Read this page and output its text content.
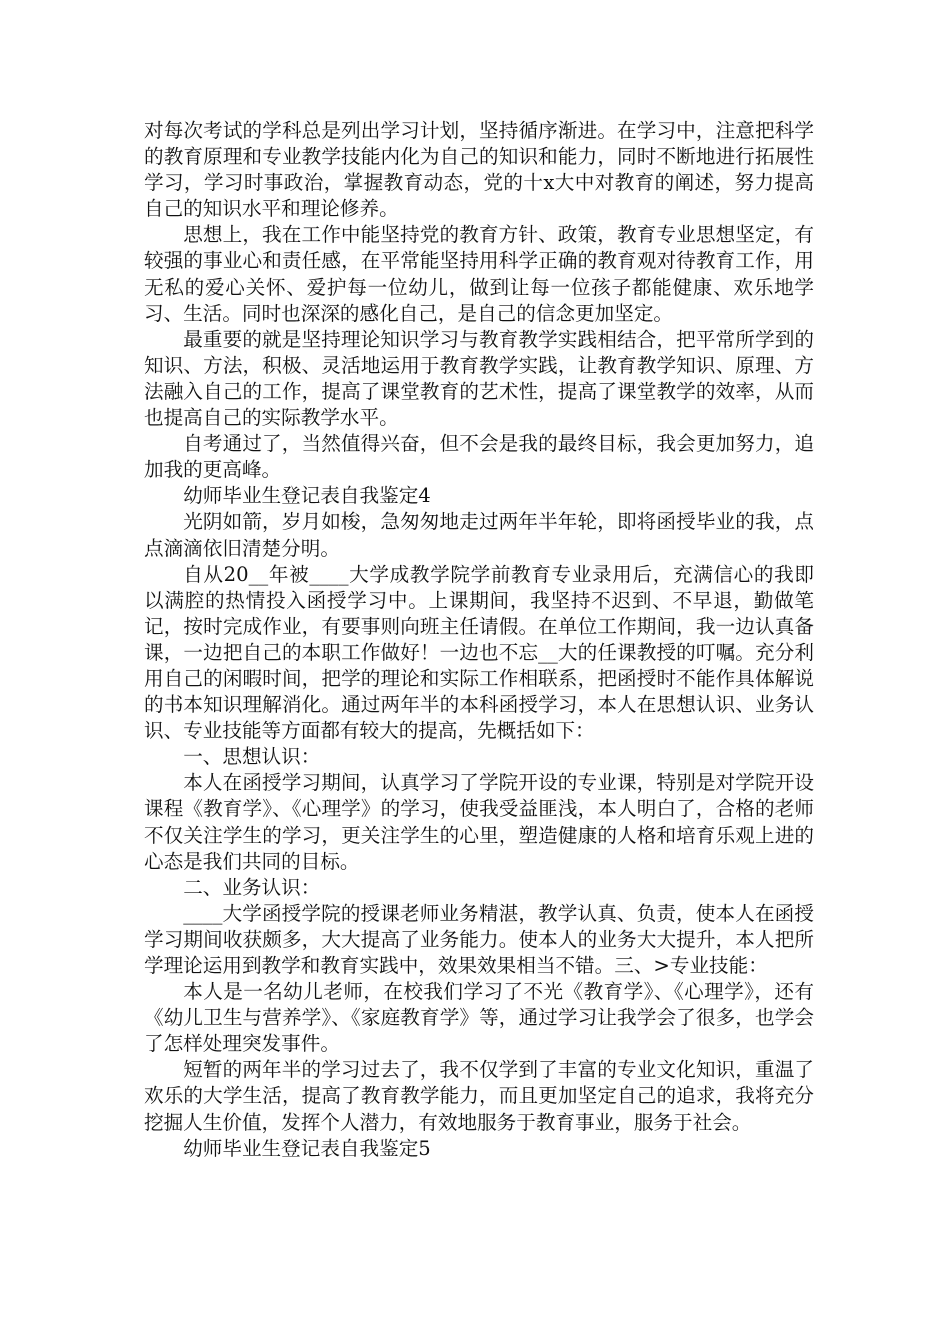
对每次考试的学科总是列出学习计划，坚持循序渐进。在学习中，注意把科学的教育原理和专业教学技能内化为自己的知识和能力，同时不断地进行拓展性学习，学习时事政治，掌握教育动态，党的十x大中对教育的阐述，努力提高自己的知识水平和理论修养。

思想上，我在工作中能坚持党的教育方针、政策，教育专业思想坚定，有较强的事业心和责任感，在平常能坚持用科学正确的教育观对待教育工作，用无私的爱心关怀、爱护每一位幼儿，做到让每一位孩子都能健康、欢乐地学习、生活。同时也深深的感化自己，是自己的信念更加坚定。

最重要的就是坚持理论知识学习与教育教学实践相结合，把平常所学到的知识、方法，积极、灵活地运用于教育教学实践，让教育教学知识、原理、方法融入自己的工作，提高了课堂教育的艺术性，提高了课堂教学的效率，从而也提高自己的实际教学水平。

自考通过了，当然值得兴奋，但不会是我的最终目标，我会更加努力，追加我的更高峰。

幼师毕业生登记表自我鉴定4

光阴如箭，岁月如梭，急匆匆地走过两年半年轮，即将函授毕业的我，点点滴滴依旧清楚分明。

自从20__年被____大学成教学院学前教育专业录用后，充满信心的我即以满腔的热情投入函授学习中。上课期间，我坚持不迟到、不早退，勤做笔记，按时完成作业，有要事则向班主任请假。在单位工作期间，我一边认真备课，一边把自己的本职工作做好！一边也不忘__大的任课教授的叮嘱。充分利用自己的闲暇时间，把学的理论和实际工作相联系，把函授时不能作具体解说的书本知识理解消化。通过两年半的本科函授学习，本人在思想认识、业务认识、专业技能等方面都有较大的提高，先概括如下：

一、思想认识：

本人在函授学习期间，认真学习了学院开设的专业课，特别是对学院开设课程《教育学》、《心理学》的学习，使我受益匪浅，本人明白了，合格的老师不仅关注学生的学习，更关注学生的心里，塑造健康的人格和培育乐观上进的心态是我们共同的目标。

二、业务认识：

____大学函授学院的授课老师业务精湛，教学认真、负责，使本人在函授学习期间收获颇多，大大提高了业务能力。使本人的业务大大提升，本人把所学理论运用到教学和教育实践中，效果效果相当不错。三、>专业技能：

本人是一名幼儿老师，在校我们学习了不光《教育学》、《心理学》，还有《幼儿卫生与营养学》、《家庭教育学》等，通过学习让我学会了很多，也学会了怎样处理突发事件。

短暂的两年半的学习过去了，我不仅学到了丰富的专业文化知识，重温了欢乐的大学生活，提高了教育教学能力，而且更加坚定自己的追求，我将充分挖掘人生价值，发挥个人潜力，有效地服务于教育事业，服务于社会。

幼师毕业生登记表自我鉴定5
